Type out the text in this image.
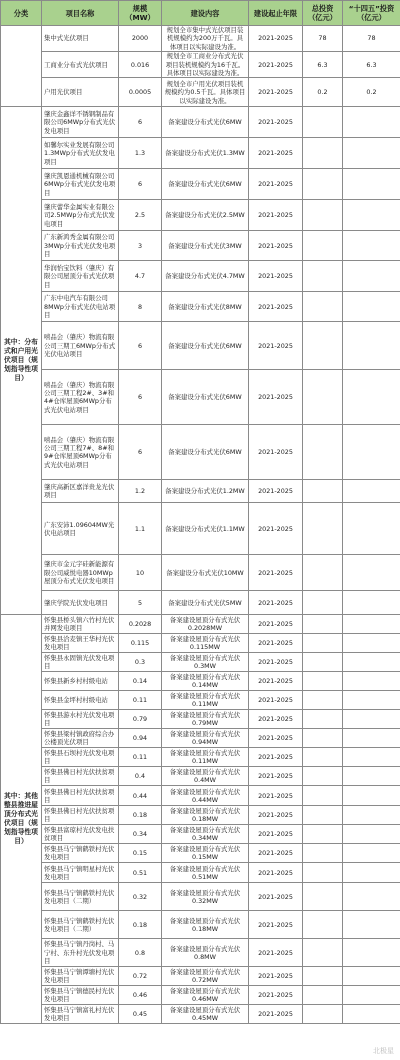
分类	项目名称	规模（MW）	建设内容	建设起止年限	总投资（亿元）	“十四五”投资（亿元）
	集中式光伏项目	2000	规划全市集中式光伏项目装机规模约为200万千瓦。具体项目以实际建设为准。	2021-2025	78	78
	工商业分布式光伏项目	0.016	规划全市工商业分布式光伏项目装机规模约为16千瓦。具体项目以实际建设为准。	2021-2025	6.3	6.3
	户用光伏项目	0.0005	规划全市户用光伏项目装机规模约为0.5千瓦。具体项目以实际建设为准。	2021-2025	0.2	0.2
其中：分布式和户用光伏项目（规划指导性项目）	肇庆金鑫详不锈钢制品有限公司6MWp分布式光伏发电项目	6	备案建设分布式光伏6MW	2021-2025		
	如馨尔实业发展有限公司1.3MWp分布式光伏发电项目	1.3	备案建设分布式光伏1.3MW	2021-2025		
	肇庆凯恩通机械有限公司6MWp分布式光伏发电项目	6	备案建设分布式光伏6MW	2021-2025		
	肇庆蕾华金属实业有限公司2.5MWp分布式光伏发电项目	2.5	备案建设分布式光伏2.5MW	2021-2025		
	广东新鸿秀金属有限公司3MWp分布式光伏发电项目	3	备案建设分布式光伏3MW	2021-2025		
	华润怡宝饮料（肇庆）有限公司屋顶分布式光伏项目	4.7	备案建设分布式光伏4.7MW	2021-2025		
	广东中电汽车有限公司8MWp分布式光伏电站项目	8	备案建设分布式光伏8MW	2021-2025		
	嘻品会（肇庆）物流有限公司三期工6MWp分布式光伏电站项目	6	备案建设分布式光伏6MW	2021-2025		
	嘻品会（肇庆）物流有限公司三期工程2#、3#和4#仓库屋顶6MWp分布式光伏电站项目	6	备案建设分布式光伏6MW	2021-2025		
	嘻品会（肇庆）物流有限公司三期工程7#、8#和9#仓库屋顶6MWp分布式光伏电站项目	6	备案建设分布式光伏6MW	2021-2025		
	肇庆高新区嘉洋贵龙光伏项目	1.2	备案建设分布式光伏1.2MW	2021-2025		
	广东安沛1.09604MW光伏电站项目	1.1	备案建设分布式光伏1.1MW	2021-2025		
	肇庆市金元宇硅新能源有限公司威悦电器10MWp屋顶分布式光伏发电项目	10	备案建设分布式光伏10MW	2021-2025		
	肇庆学院光伏发电项目	5	备案建设分布式光伏5MW	2021-2025		
其中：其他整县推进屋顶分布式光伏项目（规划指导性项目）	怀集县桥头镇六竹村光伏并网发电项目	0.2028	备案建设屋顶分布式光伏0.2028MW	2021-2025		
	怀集县洽麦镇王华村光伏发电项目	0.115	备案建设屋顶分布式光伏0.115MW	2021-2025		
	怀集县永固镇光伏发电项目	0.3	备案建设屋顶分布式光伏0.3MW	2021-2025		
	怀集县新乡村村级电站	0.14	备案建设屋顶分布式光伏0.14MW	2021-2025		
	怀集县金坪村村级电站	0.11	备案建设屋顶分布式光伏0.11MW	2021-2025		
	怀集县游水村光伏发电项目	0.79	备案建设屋顶分布式光伏0.79MW	2021-2025		
	怀集县梁村镇政府综合办公楼顶光伏项目	0.94	备案建设屋顶分布式光伏0.94MW	2021-2025		
	怀集县石坝村光伏发电项目	0.11	备案建设屋顶分布式光伏0.11MW	2021-2025		
	怀集县佛日村光伏扶贫项目	0.4	备案建设屋顶分布式光伏0.4MW	2021-2025		
	怀集县佛日村光伏扶贫项目	0.44	备案建设屋顶分布式光伏0.44MW	2021-2025		
	怀集县佛日村光伏扶贫项目	0.18	备案建设屋顶分布式光伏0.18MW	2021-2025		
	怀集县富琼村光伏发电扶贫项目	0.34	备案建设屋顶分布式光伏0.34MW	2021-2025		
	怀集县马宁镇鹤铁村光伏发电项目	0.15	备案建设屋顶分布式光伏0.15MW	2021-2025		
	怀集县马宁镇明星村光伏发电项目	0.51	备案建设屋顶分布式光伏0.51MW	2021-2025		
	怀集县马宁镇鹤铁村光伏发电项目（二期）	0.32	备案建设屋顶分布式光伏0.32MW	2021-2025		
	怀集县马宁镇鹤铁村光伏发电项目（二期）	0.18	备案建设屋顶分布式光伏0.18MW	2021-2025		
	怀集县马宁镇丹岗村、马宁村、东升村光伏发电项目	0.8	备案建设屋顶分布式光伏0.8MW	2021-2025		
	怀集县马宁镇谭塘村光伏发电项目	0.72	备案建设屋顶分布式光伏0.72MW	2021-2025		
	怀集县马宁镇德民村光伏发电项目	0.46	备案建设屋顶分布式光伏0.46MW	2021-2025		
	怀集县马宁镇富礼村光伏发电项目	0.45	备案建设屋顶分布式光伏0.45MW	2021-2025		
北极星
